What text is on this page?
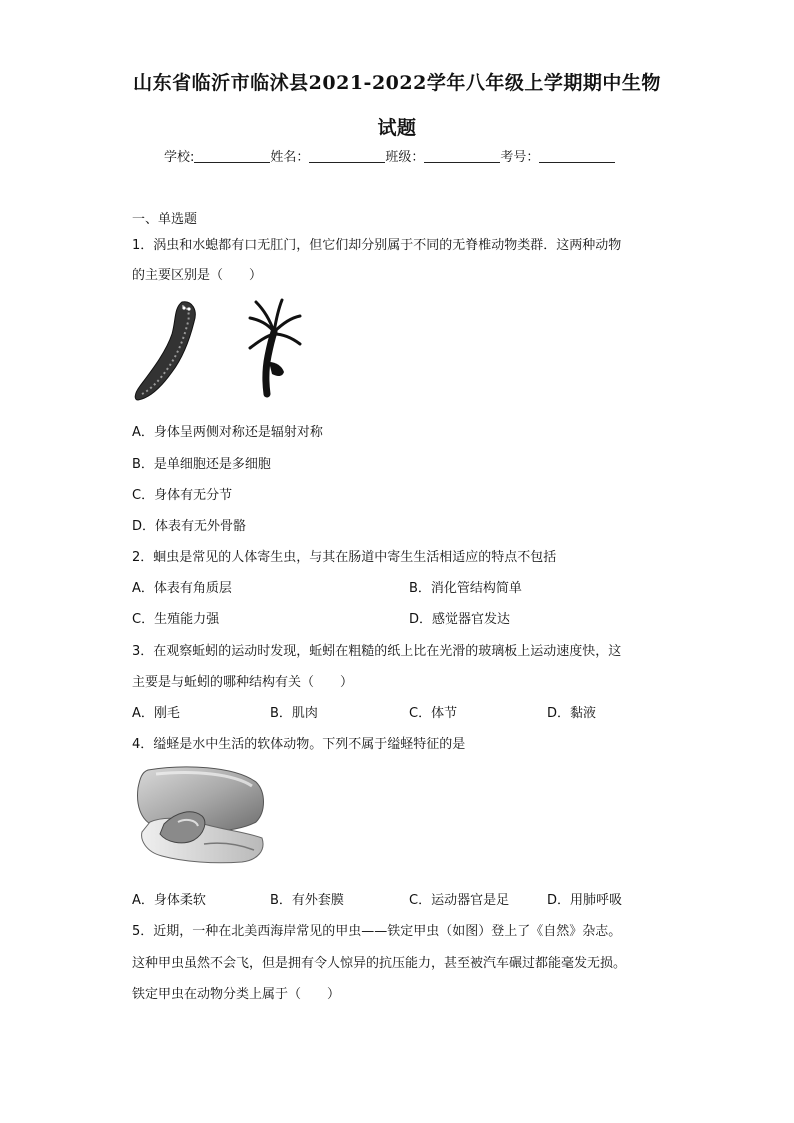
山东省临沂市临沭县2021-2022学年八年级上学期期中生物
试题
学校:	姓名：	班级：	考号：
一、单选题
1．涡虫和水螅都有口无肛门，但它们却分别属于不同的无脊椎动物类群．这两种动物
的主要区别是（　　）
A．身体呈两侧对称还是辐射对称
B．是单细胞还是多细胞
C．身体有无分节
D．体表有无外骨骼
2．蛔虫是常见的人体寄生虫，与其在肠道中寄生生活相适应的特点不包括
A．体表有角质层	B．消化管结构简单
C．生殖能力强	D．感觉器官发达
3．在观察蚯蚓的运动时发现，蚯蚓在粗糙的纸上比在光滑的玻璃板上运动速度快，这
主要是与蚯蚓的哪种结构有关（　　）
A．刚毛	B．肌肉	C．体节	D．黏液
4．缢蛏是水中生活的软体动物。下列不属于缢蛏特征的是
A．身体柔软	B．有外套膜	C．运动器官是足	D．用肺呼吸
5．近期，一种在北美西海岸常见的甲虫——铁定甲虫（如图）登上了《自然》杂志。
这种甲虫虽然不会飞，但是拥有令人惊异的抗压能力，甚至被汽车碾过都能毫发无损。
铁定甲虫在动物分类上属于（　　）
